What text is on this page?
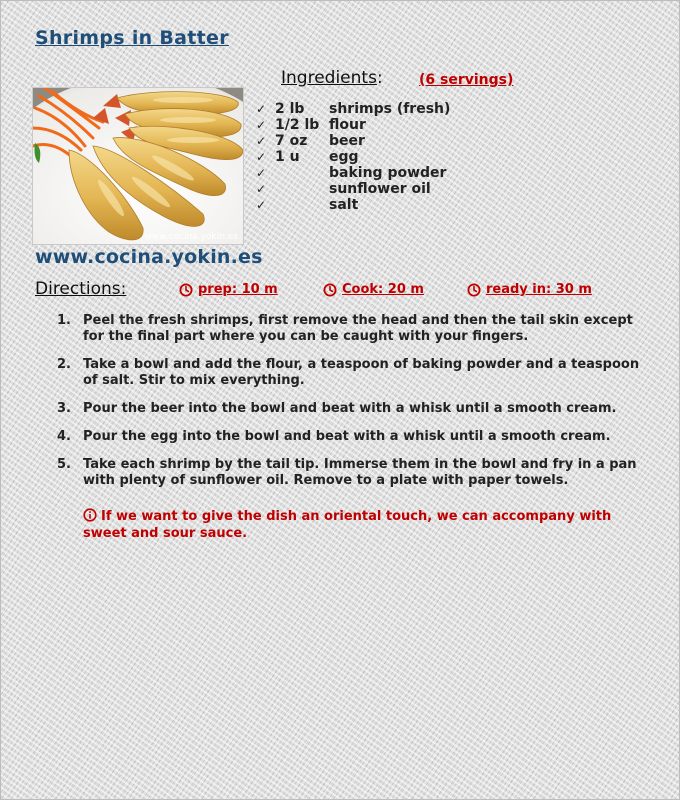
Shrimps in Batter
www.cocina.yokin.es
www.cocina.yokin.es
Ingredients:	(6 servings)
✓ 2 lb shrimps (fresh)
✓ 1/2 lb flour
✓ 7 oz beer
✓ 1 u egg
✓	baking powder
✓	sunflower oil
✓	salt
Directions:	prep: 10 m	Cook: 20 m	ready in: 30 m
1. Peel the fresh shrimps, first remove the head and then the tail skin except for the final part where you can be caught with your fingers.
2. Take a bowl and add the flour, a teaspoon of baking powder and a teaspoon of salt. Stir to mix everything.
3. Pour the beer into the bowl and beat with a whisk until a smooth cream.
4. Pour the egg into the bowl and beat with a whisk until a smooth cream.
5. Take each shrimp by the tail tip. Immerse them in the bowl and fry in a pan with plenty of sunflower oil. Remove to a plate with paper towels.
If we want to give the dish an oriental touch, we can accompany with sweet and sour sauce.
